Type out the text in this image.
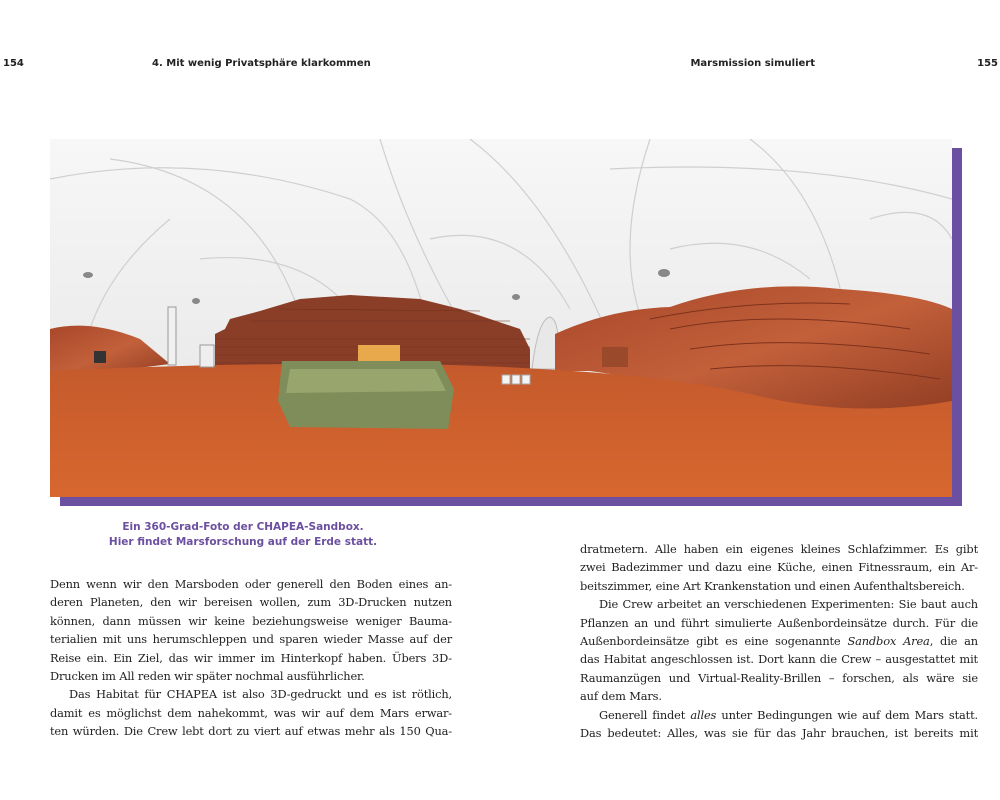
154	4. Mit wenig Privatsphäre klarkommen	Marsmission simuliert	155
Ein 360-Grad-Foto der CHAPEA-Sandbox.
Hier findet Marsforschung auf der Erde statt.
Denn wenn wir den Marsboden oder generell den Boden eines an-
deren Planeten, den wir bereisen wollen, zum 3D-Drucken nutzen
können, dann müssen wir keine beziehungsweise weniger Bauma-
terialien mit uns herumschleppen und sparen wieder Masse auf der
Reise ein. Ein Ziel, das wir immer im Hinterkopf haben. Übers 3D-
Drucken im All reden wir später nochmal ausführlicher.
Das Habitat für CHAPEA ist also 3D-gedruckt und es ist rötlich,
damit es möglichst dem nahekommt, was wir auf dem Mars erwar-
ten würden. Die Crew lebt dort zu viert auf etwas mehr als 150 Qua-
dratmetern. Alle haben ein eigenes kleines Schlafzimmer. Es gibt
zwei Badezimmer und dazu eine Küche, einen Fitnessraum, ein Ar-
beitszimmer, eine Art Krankenstation und einen Aufenthaltsbereich.
Die Crew arbeitet an verschiedenen Experimenten: Sie baut auch
Pflanzen an und führt simulierte Außenbordeinsätze durch. Für die
Außenbordeinsätze gibt es eine sogenannte Sandbox Area, die an
das Habitat angeschlossen ist. Dort kann die Crew – ausgestattet mit
Raumanzügen und Virtual-Reality-Brillen – forschen, als wäre sie
auf dem Mars.
Generell findet alles unter Bedingungen wie auf dem Mars statt.
Das bedeutet: Alles, was sie für das Jahr brauchen, ist bereits mit
